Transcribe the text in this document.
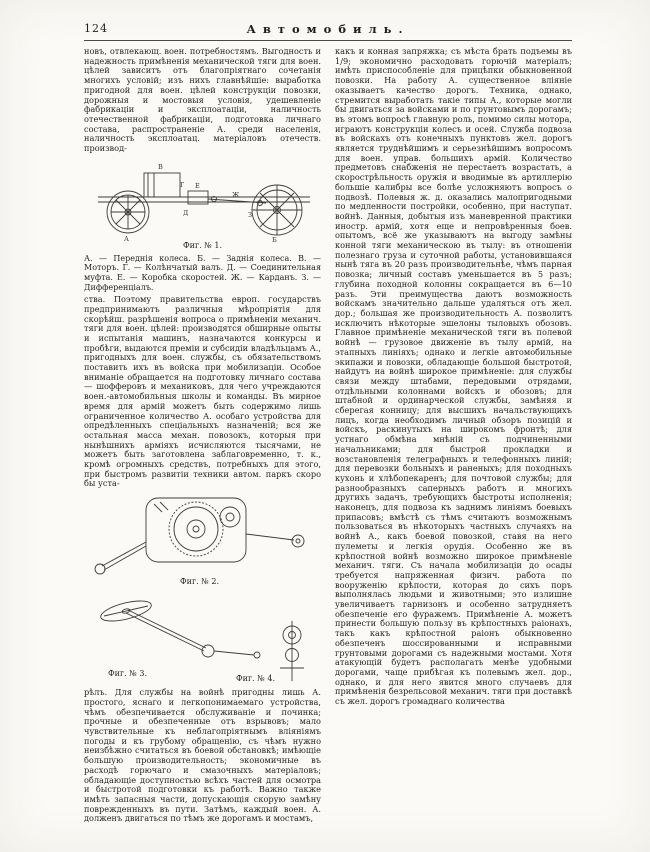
124	Автомобиль.

новъ, отвлекающ. воен. потребностямъ. Выгодность и надежность примѣненія механической тяги для воен. цѣлей зависитъ отъ благопріятнаго сочетанія многихъ условій; изъ нихъ главнѣйшіе: выработка пригодной для воен. цѣлей конструкціи повозки, дорожныя и мостовыя условія, удешевленіе фабрикаціи и эксплоатаціи, наличность отечественной фабрикаціи, подготовка личнаго состава, распространеніе А. среди населенія, наличность эксплоатац. матеріаловъ отечеств. производ-

А	Б
В
Г
Д
Е
Ж
З
Фиг. № 1.

А. — Переднія колеса. Б. — Заднія колеса. В. — Моторъ. Г. — Колѣнчатый валъ. Д. — Соединительная муфта. Е. — Коробка скоростей. Ж. — Карданъ. З. — Дифференціалъ.

ства. Поэтому правительства европ. государствъ предпринимаютъ различныя мѣропріятія для скорѣйш. разрѣшенія вопроса о примѣненіи механич. тяги для воен. цѣлей: производятся обширные опыты и испытанія машинъ, назначаются конкурсы и пробѣги, выдаются преміи и субсидіи владѣльцамъ А., пригодныхъ для воен. службы, съ обязательствомъ поставить ихъ въ войска при мобилизаціи. Особое вниманіе обращается на подготовку личнаго состава — шофферовъ и механиковъ, для чего учреждаются воен.-автомобильныя школы и команды. Въ мирное время для армій можетъ быть содержимо лишь ограниченное количество А. особаго устройства для опредѣленныхъ спеціальныхъ назначеній; вся же остальная масса механ. повозокъ, которыя при нынѣшнихъ арміяхъ исчисляются тысячами, не можетъ быть заготовлена заблаговременно, т. к., кромѣ огромныхъ средствъ, потребныхъ для этого, при быстромъ развитіи техники автом. паркъ скоро бы уста-

Фиг. № 2.
Фиг. № 3.
Фиг. № 4.

рѣлъ. Для службы на войнѣ пригодны лишь А. простого, яснаго и легкопонимаемаго устройства, чѣмъ обезпечивается обслуживаніе и починка; прочные и обезпеченные отъ взрывовъ; мало чувствительные къ неблагопріятнымъ вліяніямъ погоды и къ грубому обращенію, съ чѣмъ нужно неизбѣжно считаться въ боевой обстановкѣ; имѣющіе большую производительность; экономичные въ расходѣ горючаго и смазочныхъ матеріаловъ; обладающіе доступностью всѣхъ частей для осмотра и быстротой подготовки къ работѣ. Важно также имѣть запасныя части, допускающія скорую замѣну поврежденныхъ въ пути. Затѣмъ, каждый воен. А. долженъ двигаться по тѣмъ же дорогамъ и мостамъ,

какъ и конная запряжка; съ мѣста брать подъемы въ 1/9; экономично расходовать горючій матеріалъ; имѣть приспособленіе для прицѣпки обыкновенной повозки. На работу А. существенное вліяніе оказываетъ качество дорогъ. Техника, однако, стремится выработать такіе типы А., которые могли бы двигаться за войсками и по грунтовымъ дорогамъ; въ этомъ вопросѣ главную роль, помимо силы мотора, играютъ конструкціи колесъ и осей. Служба подвоза въ войскахъ отъ конечныхъ пунктовъ жел. дорогъ является труднѣйшимъ и серьезнѣйшимъ вопросомъ для воен. управ. большихъ армій. Количество предметовъ снабженія не перестаетъ возрастать, а скорострѣльность оружія и вводимые въ артиллерію большіе калибры все болѣе усложняютъ вопросъ о подвозѣ. Полевыя ж. д. оказались малопригодными по медленности постройки, особенно, при наступат. войнѣ. Данныя, добытыя изъ маневренной практики иностр. армій, хотя еще и непровѣренныя боев. опытомъ, всё же указываютъ на выгоду замѣны конной тяги механическою въ тылу: въ отношеніи полезнаго груза и суточной работы, установившаяся нынѣ тяга въ 20 разъ производительнѣе, чѣмъ парная повозка; личный составъ уменьшается въ 5 разъ; глубина походной колонны сокращается въ 6—10 разъ. Эти преимущества даютъ возможность войскамъ значительно дальше удаляться отъ жел. дор.; большая же производительность А. позволитъ исключить нѣкоторые эшелоны тыловыхъ обозовъ. Главное примѣненіе механической тяги въ полевой войнѣ — грузовое движеніе въ тылу армій, на этапныхъ линіяхъ; однако и легкіе автомобильные экипажи и повозки, обладающіе большой быстротой, найдутъ на войнѣ широкое примѣненіе: для службы связи между штабами, передовыми отрядами, отдѣльными колоннами войскъ и обозовъ; для штабной и ординарческой службы, замѣняя и сберегая конницу; для высшихъ начальствующихъ лицъ, когда необходимъ личный обзоръ позицій и войскъ, раскинутыхъ на широкомъ фронтѣ; для устнаго обмѣна мнѣній съ подчиненными начальниками; для быстрой прокладки и возстановленія телеграфныхъ и телефонныхъ линій; для перевозки больныхъ и раненыхъ; для походныхъ кухонь и хлѣбопекаренъ; для почтовой службы; для разнообразныхъ саперныхъ работъ и многихъ другихъ задачъ, требующихъ быстроты исполненія; наконецъ, для подвоза къ заднимъ линіямъ боевыхъ припасовъ; вмѣстѣ съ тѣмъ считаютъ возможнымъ пользоваться въ нѣкоторыхъ частныхъ случаяхъ на войнѣ А., какъ боевой повозкой, ставя на него пулеметы и легкія орудія. Особенно же въ крѣпостной войнѣ возможно широкое примѣненіе механич. тяги. Съ начала мобилизаціи до осады требуется напряженная физич. работа по вооруженію крѣпости, которая до сихъ поръ выполнялась людьми и животными; это излишне увеличиваетъ гарнизонъ и особенно затрудняетъ обезпеченіе его фуражемъ. Примѣненіе А. можетъ принести большую пользу въ крѣпостныхъ раіонахъ, такъ какъ крѣпостной раіонъ обыкновенно обезпеченъ шоссированными и исправными грунтовыми дорогами съ надежными мостами. Хотя атакующій будетъ располагать менѣе удобными дорогами, чаще прибѣгая къ полевымъ жел. дор., однако, и для него явится много случаевъ для примѣненія безрельсовой механич. тяги при доставкѣ съ жел. дорогъ громаднаго количества
